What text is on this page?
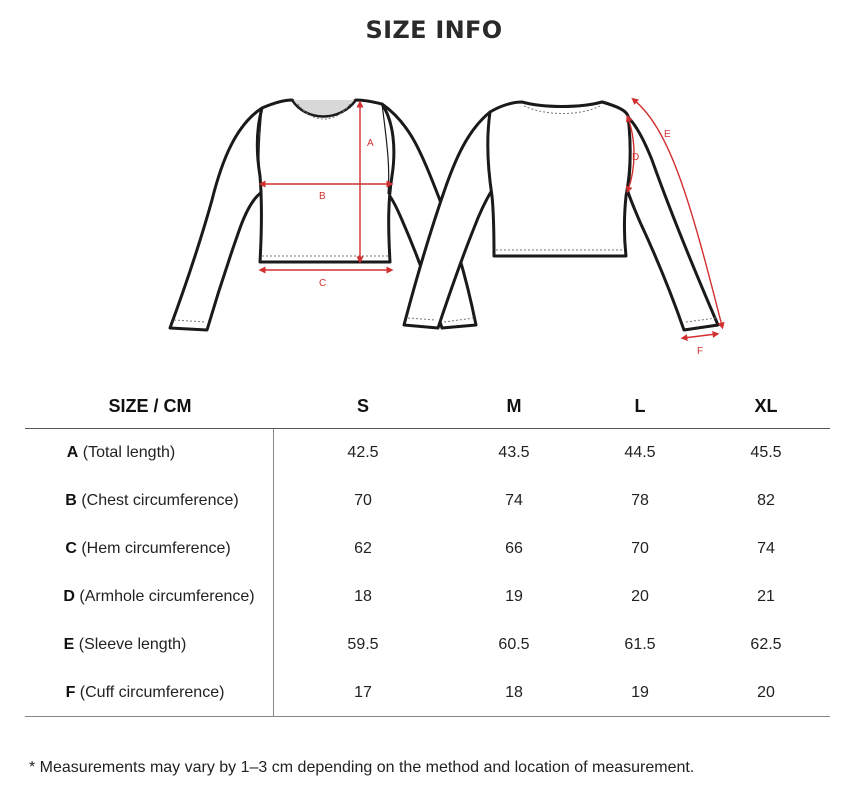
SIZE INFO
A
B
C
D
E
F
SIZE / CM	S	M	L	XL
A (Total length)	42.5	43.5	44.5	45.5
B (Chest circumference)	70	74	78	82
C (Hem circumference)	62	66	70	74
D (Armhole circumference)	18	19	20	21
E (Sleeve length)	59.5	60.5	61.5	62.5
F (Cuff circumference)	17	18	19	20
* Measurements may vary by 1–3 cm depending on the method and location of measurement.
